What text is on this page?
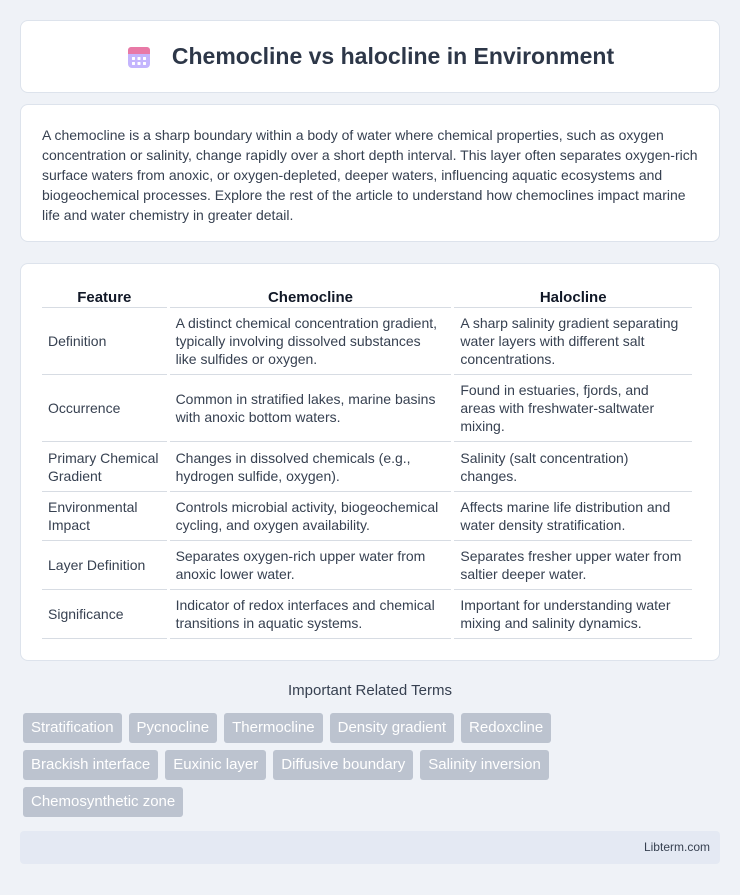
Chemocline vs halocline in Environment

A chemocline is a sharp boundary within a body of water where chemical properties, such as oxygen concentration or salinity, change rapidly over a short depth interval. This layer often separates oxygen-rich surface waters from anoxic, or oxygen-depleted, deeper waters, influencing aquatic ecosystems and biogeochemical processes. Explore the rest of the article to understand how chemoclines impact marine life and water chemistry in greater detail.

Feature	Chemocline	Halocline
Definition	A distinct chemical concentration gradient, typically involving dissolved substances like sulfides or oxygen.	A sharp salinity gradient separating water layers with different salt concentrations.
Occurrence	Common in stratified lakes, marine basins with anoxic bottom waters.	Found in estuaries, fjords, and areas with freshwater-saltwater mixing.
Primary Chemical Gradient	Changes in dissolved chemicals (e.g., hydrogen sulfide, oxygen).	Salinity (salt concentration) changes.
Environmental Impact	Controls microbial activity, biogeochemical cycling, and oxygen availability.	Affects marine life distribution and water density stratification.
Layer Definition	Separates oxygen-rich upper water from anoxic lower water.	Separates fresher upper water from saltier deeper water.
Significance	Indicator of redox interfaces and chemical transitions in aquatic systems.	Important for understanding water mixing and salinity dynamics.
Important Related Terms
Stratification	Pycnocline	Thermocline	Density gradient	Redoxcline
Brackish interface	Euxinic layer	Diffusive boundary	Salinity inversion
Chemosynthetic zone
Libterm.com
